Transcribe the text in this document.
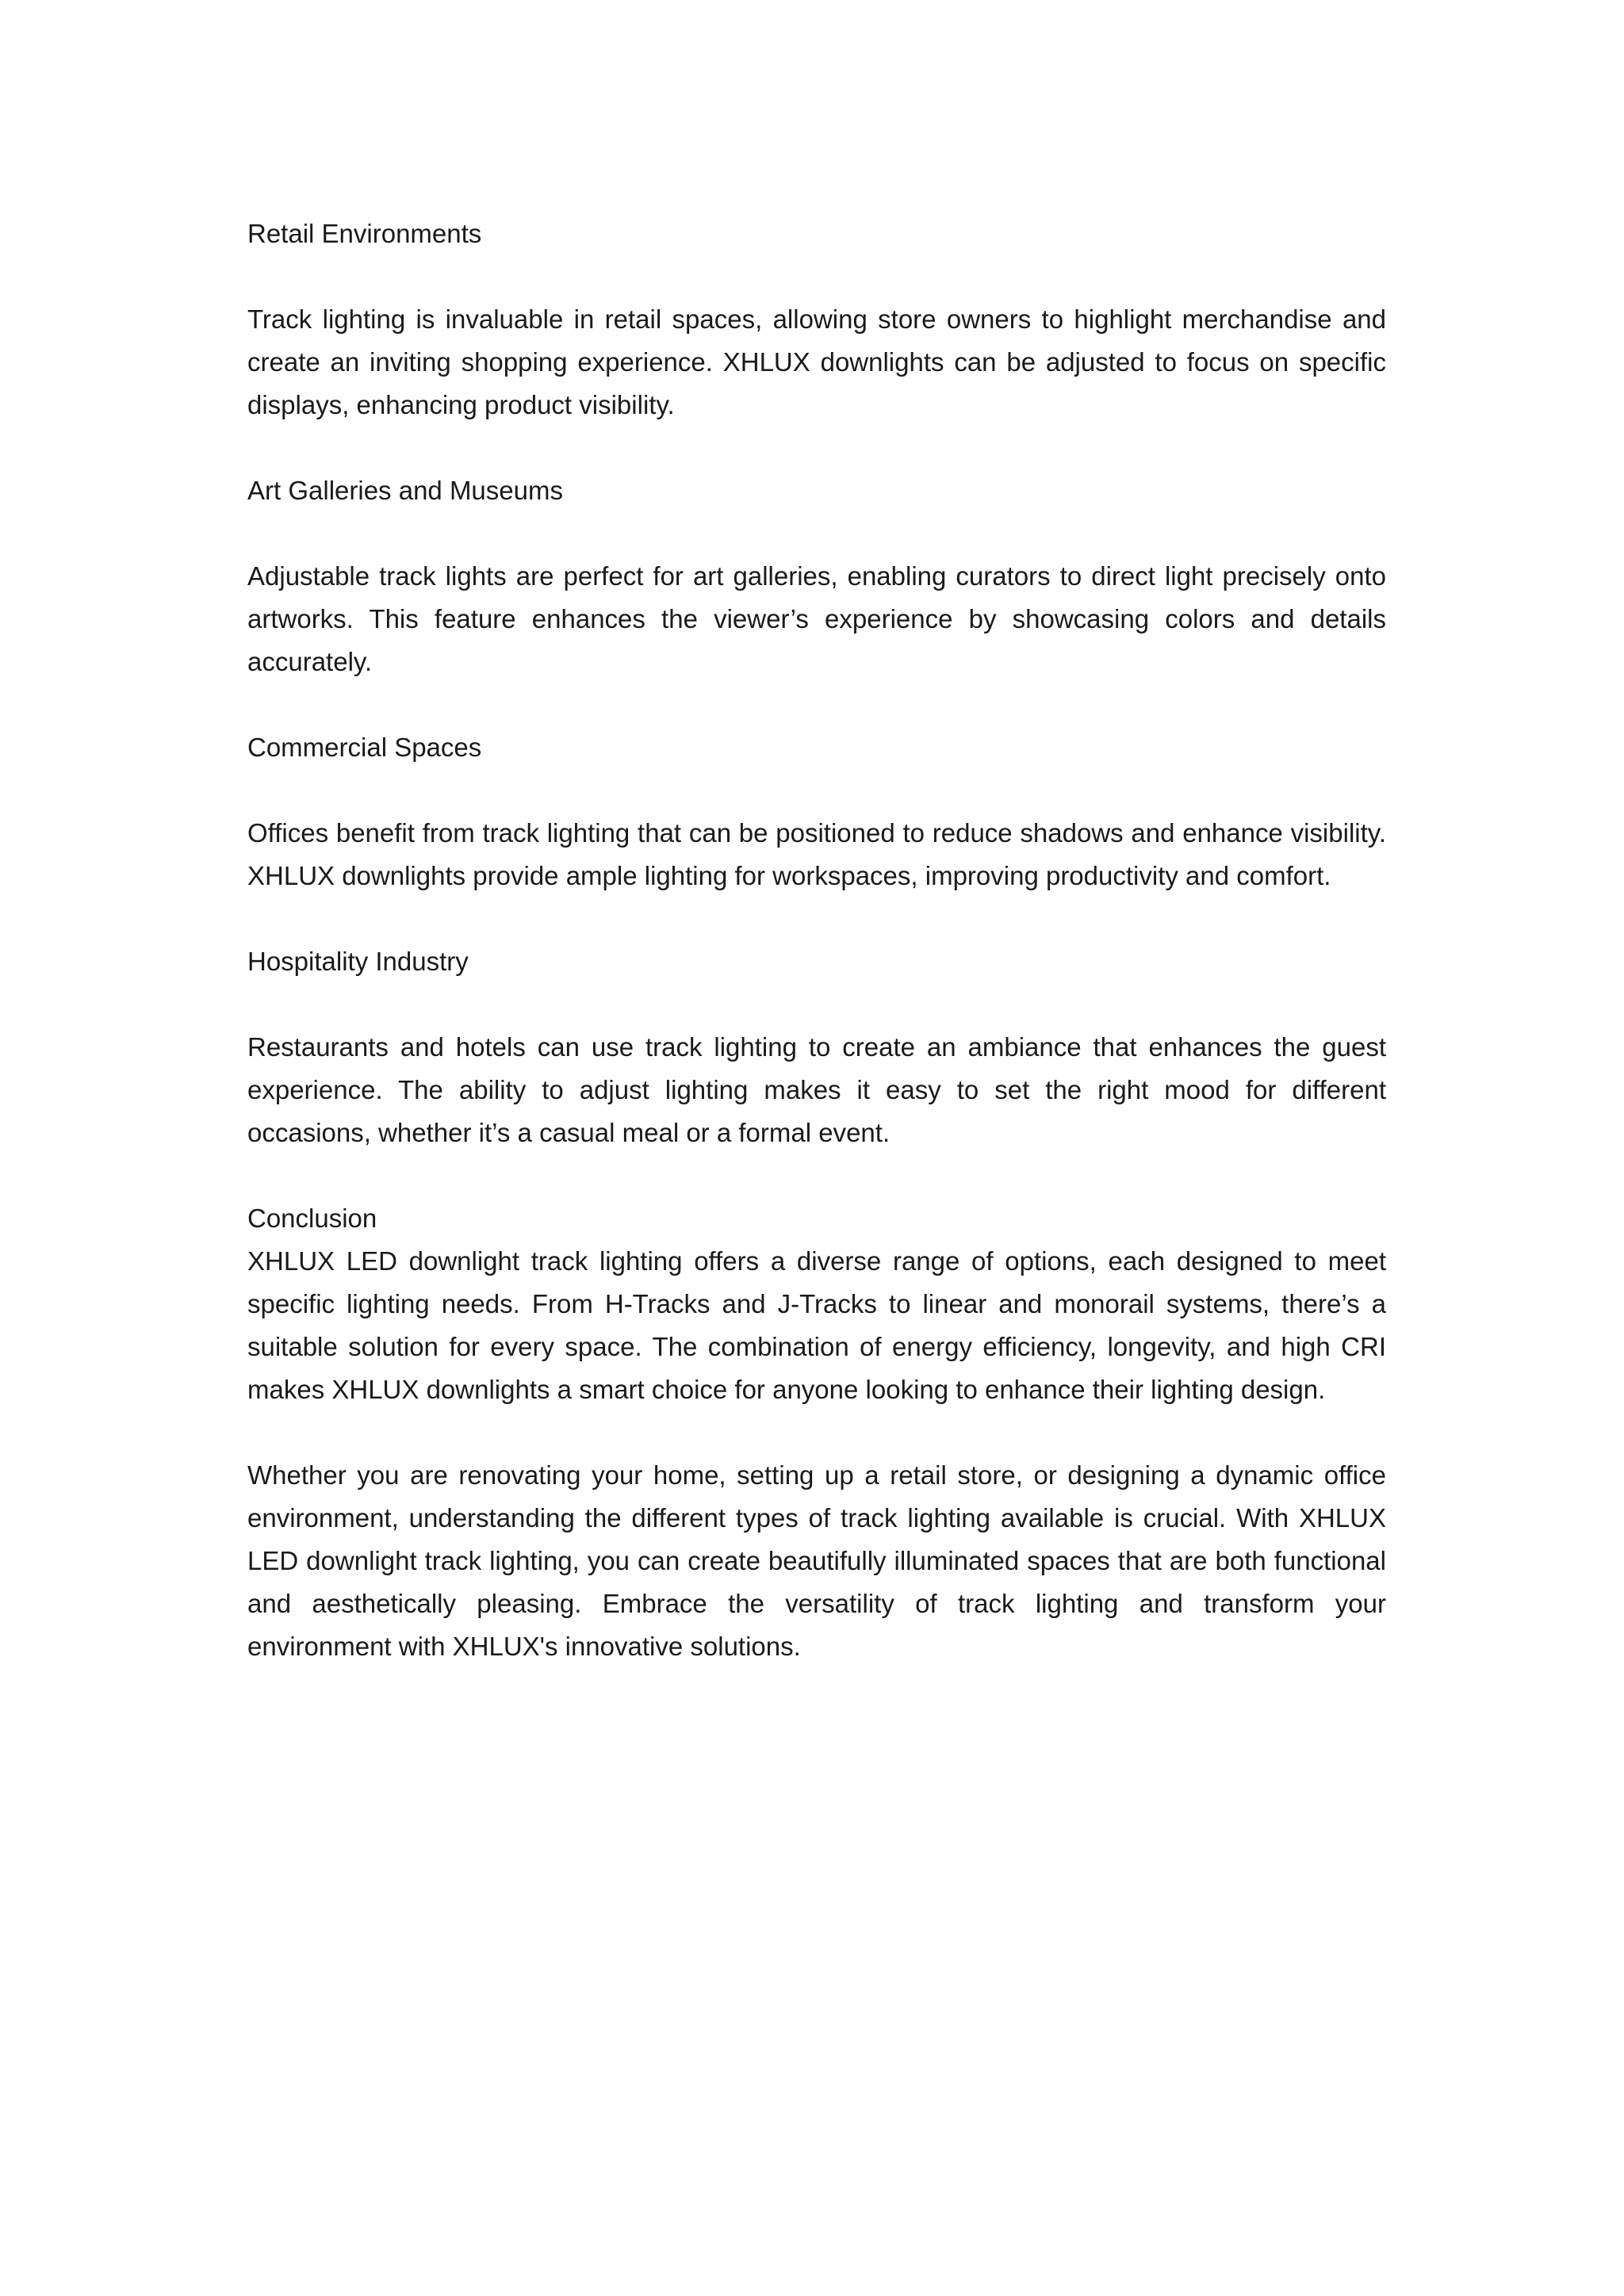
Retail Environments
Track lighting is invaluable in retail spaces, allowing store owners to highlight merchandise and create an inviting shopping experience. XHLUX downlights can be adjusted to focus on specific displays, enhancing product visibility.
Art Galleries and Museums
Adjustable track lights are perfect for art galleries, enabling curators to direct light precisely onto artworks. This feature enhances the viewer’s experience by showcasing colors and details accurately.
Commercial Spaces
Offices benefit from track lighting that can be positioned to reduce shadows and enhance visibility. XHLUX downlights provide ample lighting for workspaces, improving productivity and comfort.
Hospitality Industry
Restaurants and hotels can use track lighting to create an ambiance that enhances the guest experience. The ability to adjust lighting makes it easy to set the right mood for different occasions, whether it’s a casual meal or a formal event.
Conclusion
XHLUX LED downlight track lighting offers a diverse range of options, each designed to meet specific lighting needs. From H-Tracks and J-Tracks to linear and monorail systems, there’s a suitable solution for every space. The combination of energy efficiency, longevity, and high CRI makes XHLUX downlights a smart choice for anyone looking to enhance their lighting design.
Whether you are renovating your home, setting up a retail store, or designing a dynamic office environment, understanding the different types of track lighting available is crucial. With XHLUX LED downlight track lighting, you can create beautifully illuminated spaces that are both functional and aesthetically pleasing. Embrace the versatility of track lighting and transform your environment with XHLUX's innovative solutions.
